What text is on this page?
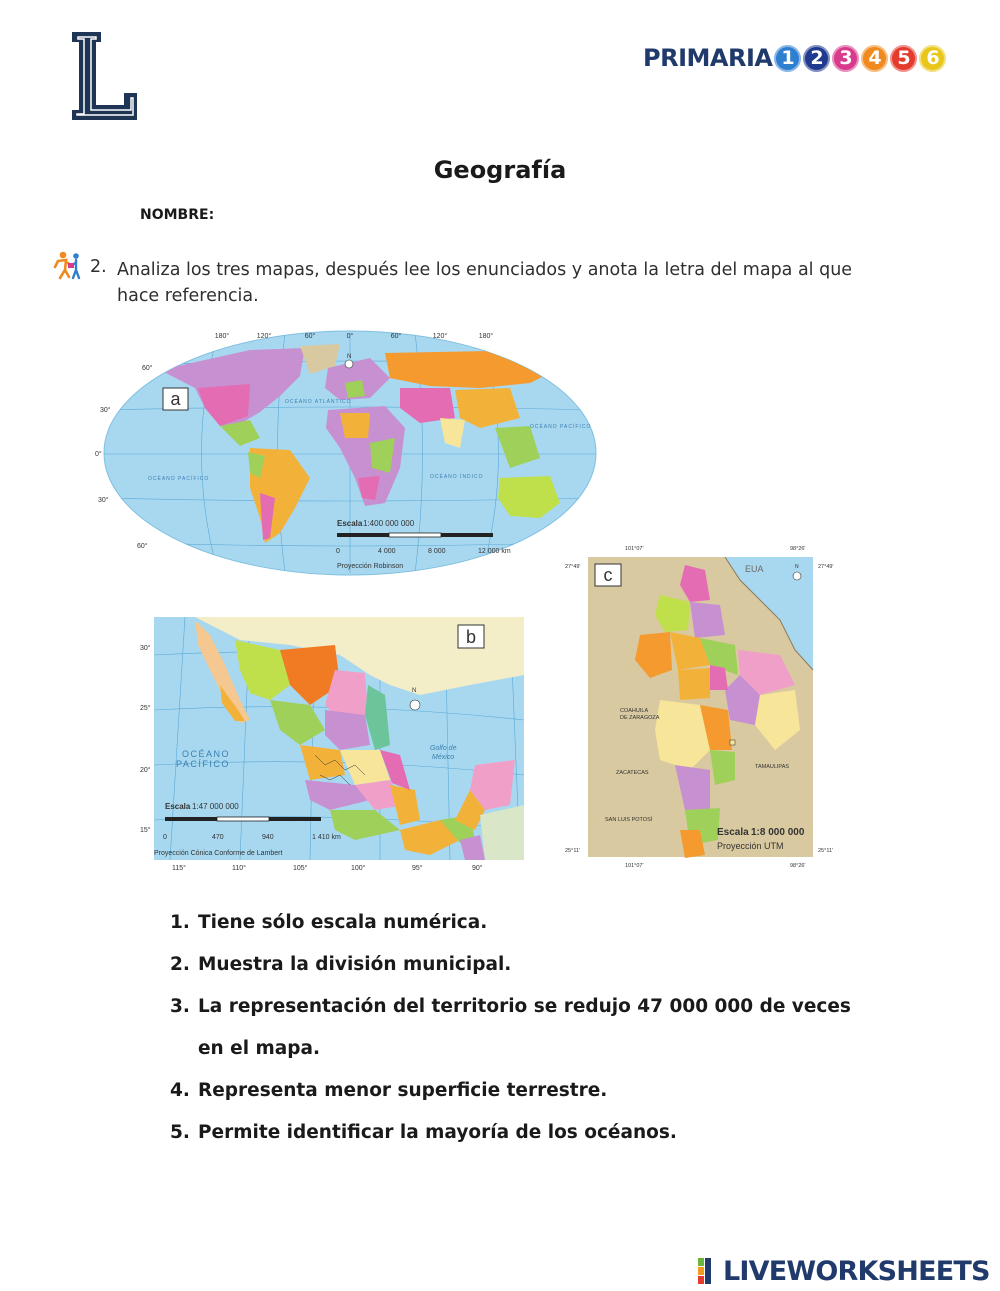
PRIMARIA 1 2 3 4 5 6
Geografía
NOMBRE:
2. Analiza los tres mapas, después lee los enunciados y anota la letra del mapa al que hace referencia.
a
180°	120°	60°	0°	60°	120°	180°
60°
30°
0°
30°
60°
OCÉANO ATLÁNTICO
OCÉANO PACÍFICO
OCÉANO PACÍFICO
OCÉANO ÍNDICO
N
Escala 1:400 000 000
0	4 000	8 000	12 000 km
Proyección Robinson
b
N
30°
25°
20°
15°
115°	110°	105°	100°	95°	90°
OCÉANO
PACÍFICO
Golfo de
México
Escala 1:47 000 000
0	470	940	1 410 km
Proyección Cónica Conforme de Lambert
c
101°07'	98°26'
101°07'	98°26'
27°49'	27°49'
25°11'	25°11'
EUA	N
COAHUILA
DE ZARAGOZA
TAMAULIPAS
ZACATECAS
SAN LUIS POTOSÍ
Escala 1:8 000 000
Proyección UTM
1. Tiene sólo escala numérica.
2. Muestra la división municipal.
3. La representación del territorio se redujo 47 000 000 de veces en el mapa.
4. Representa menor superficie terrestre.
5. Permite identificar la mayoría de los océanos.
LIVEWORKSHEETS
